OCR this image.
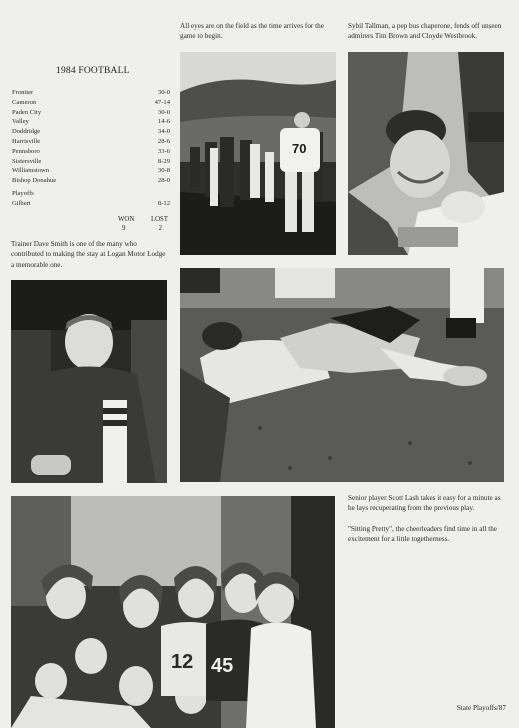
All eyes are on the field as the time arrives for the game to begin.
Sybil Tallman, a pep bus chaperone, fends off unseen admirers Tim Brown and Cloyde Westbrook.
1984 FOOTBALL
Frontier	30-0
Cameron	47-14
Paden City	30-0
Valley	14-6
Doddridge	34-0
Harrisville	28-6
Pennsboro	33-6
Sistersville	8-29
Williamstown	30-8
Bishop Donahue	28-0
Playoffs
Gilbert	8-12
WON LOST
9	2
Trainer Dave Smith is one of the many who contributed to making the stay at Logan Motor Lodge a memorable one.
70
12 45
Senior player Scott Lash takes it easy for a minute as he lays recuperating from the previous play.
"Sitting Pretty", the cheerleaders find time in all the excitement for a little togetherness.
State Playoffs/87
